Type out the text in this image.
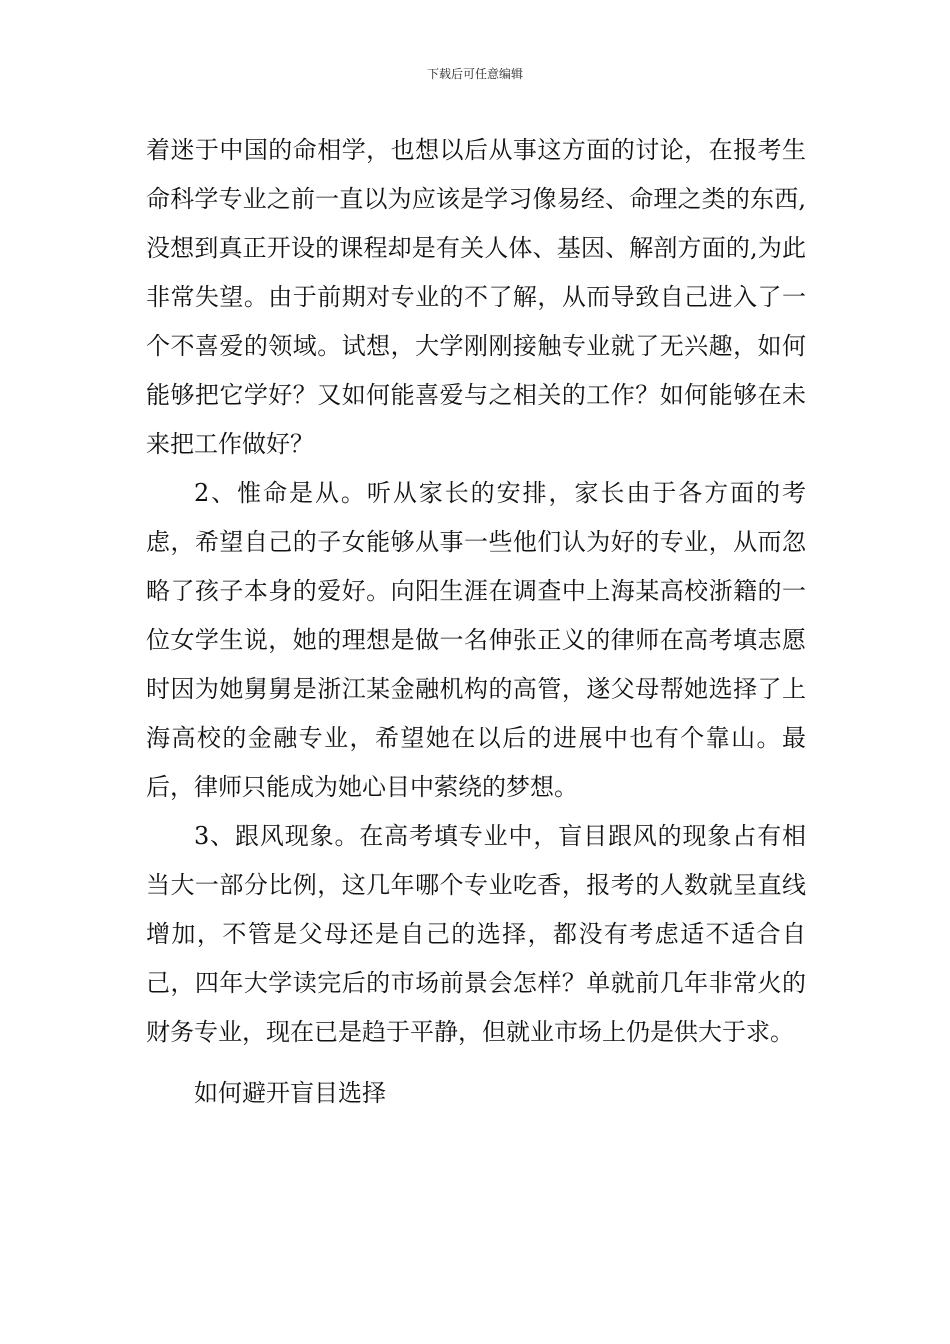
下载后可任意编辑

着迷于中国的命相学，也想以后从事这方面的讨论，在报考生命科学专业之前一直以为应该是学习像易经、命理之类的东西,没想到真正开设的课程却是有关人体、基因、解剖方面的,为此非常失望。由于前期对专业的不了解，从而导致自己进入了一个不喜爱的领域。试想，大学刚刚接触专业就了无兴趣，如何能够把它学好？又如何能喜爱与之相关的工作？如何能够在未来把工作做好？

2、惟命是从。听从家长的安排，家长由于各方面的考虑，希望自己的子女能够从事一些他们认为好的专业，从而忽略了孩子本身的爱好。向阳生涯在调查中上海某高校浙籍的一位女学生说，她的理想是做一名伸张正义的律师在高考填志愿时因为她舅舅是浙江某金融机构的高管，遂父母帮她选择了上海高校的金融专业，希望她在以后的进展中也有个靠山。最后，律师只能成为她心目中萦绕的梦想。

3、跟风现象。在高考填专业中，盲目跟风的现象占有相当大一部分比例，这几年哪个专业吃香，报考的人数就呈直线增加，不管是父母还是自己的选择，都没有考虑适不适合自己，四年大学读完后的市场前景会怎样？单就前几年非常火的财务专业，现在已是趋于平静，但就业市场上仍是供大于求。

如何避开盲目选择
